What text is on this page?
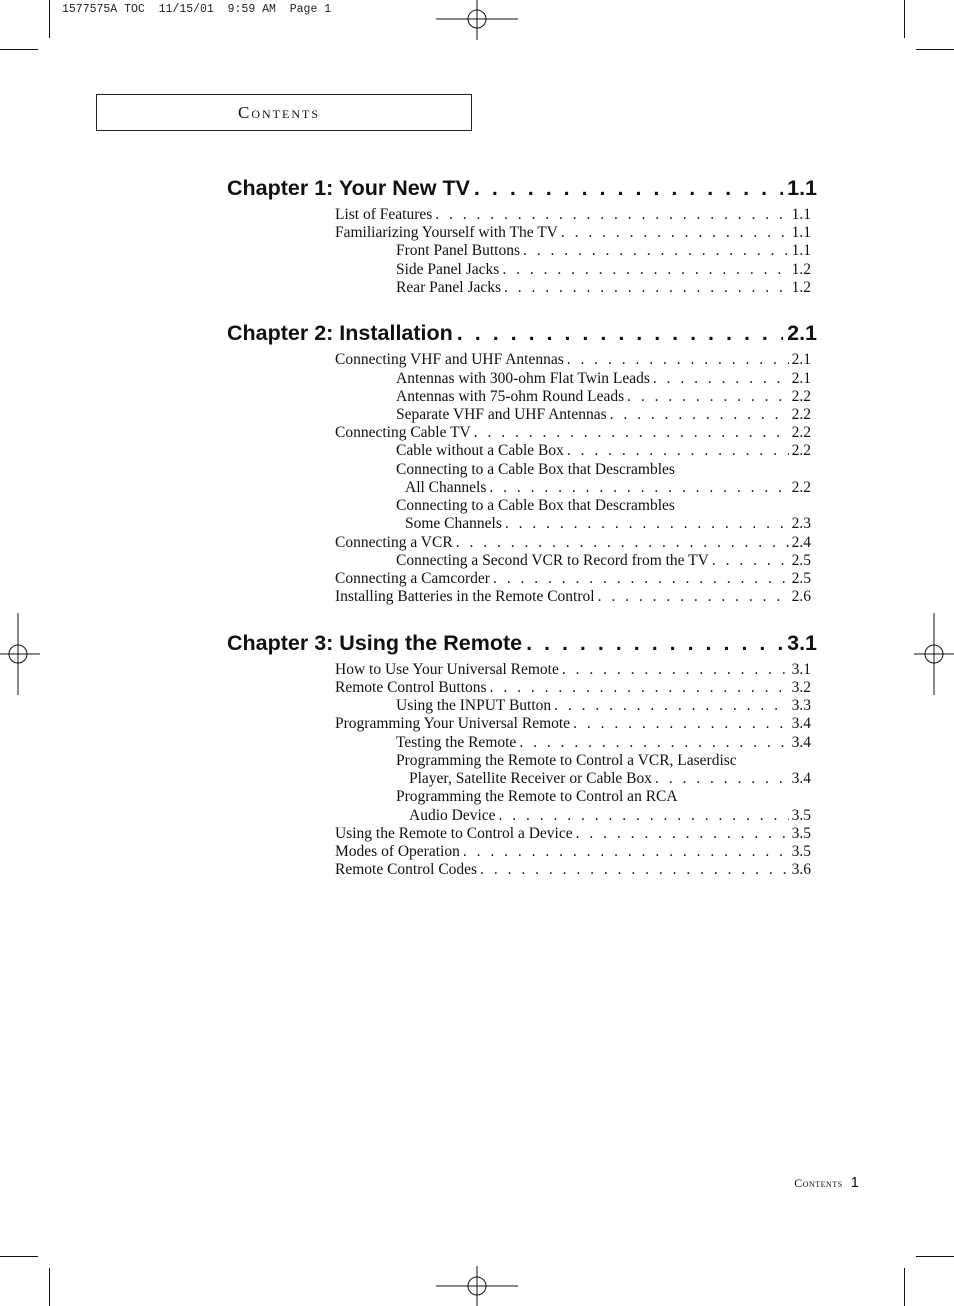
1577575A TOC  11/15/01  9:59 AM  Page 1
Contents
Chapter 1: Your New TV . . .	1.1
List of Features . . .	1.1
Familiarizing Yourself with The TV . . .	1.1
Front Panel Buttons . . .	1.1
Side Panel Jacks . . .	1.2
Rear Panel Jacks . . .	1.2
Chapter 2: Installation . . .	2.1
Connecting VHF and UHF Antennas . . .	2.1
Antennas with 300-ohm Flat Twin Leads . . .	2.1
Antennas with 75-ohm Round Leads . . .	2.2
Separate VHF and UHF Antennas . . .	2.2
Connecting Cable TV . . .	2.2
Cable without a Cable Box . . .	2.2
Connecting to a Cable Box that Descrambles
All Channels . . .	2.2
Connecting to a Cable Box that Descrambles
Some Channels . . .	2.3
Connecting a VCR . . .	2.4
Connecting a Second VCR to Record from the TV . . .	2.5
Connecting a Camcorder . . .	2.5
Installing Batteries in the Remote Control . . .	2.6
Chapter 3: Using the Remote . . .	3.1
How to Use Your Universal Remote . . .	3.1
Remote Control Buttons . . .	3.2
Using the INPUT Button . . .	3.3
Programming Your Universal Remote . . .	3.4
Testing the Remote . . .	3.4
Programming the Remote to Control a VCR, Laserdisc
Player, Satellite Receiver or Cable Box . . .	3.4
Programming the Remote to Control an RCA
Audio Device . . .	3.5
Using the Remote to Control a Device . . .	3.5
Modes of Operation . . .	3.5
Remote Control Codes . . .	3.6
Contents 1
